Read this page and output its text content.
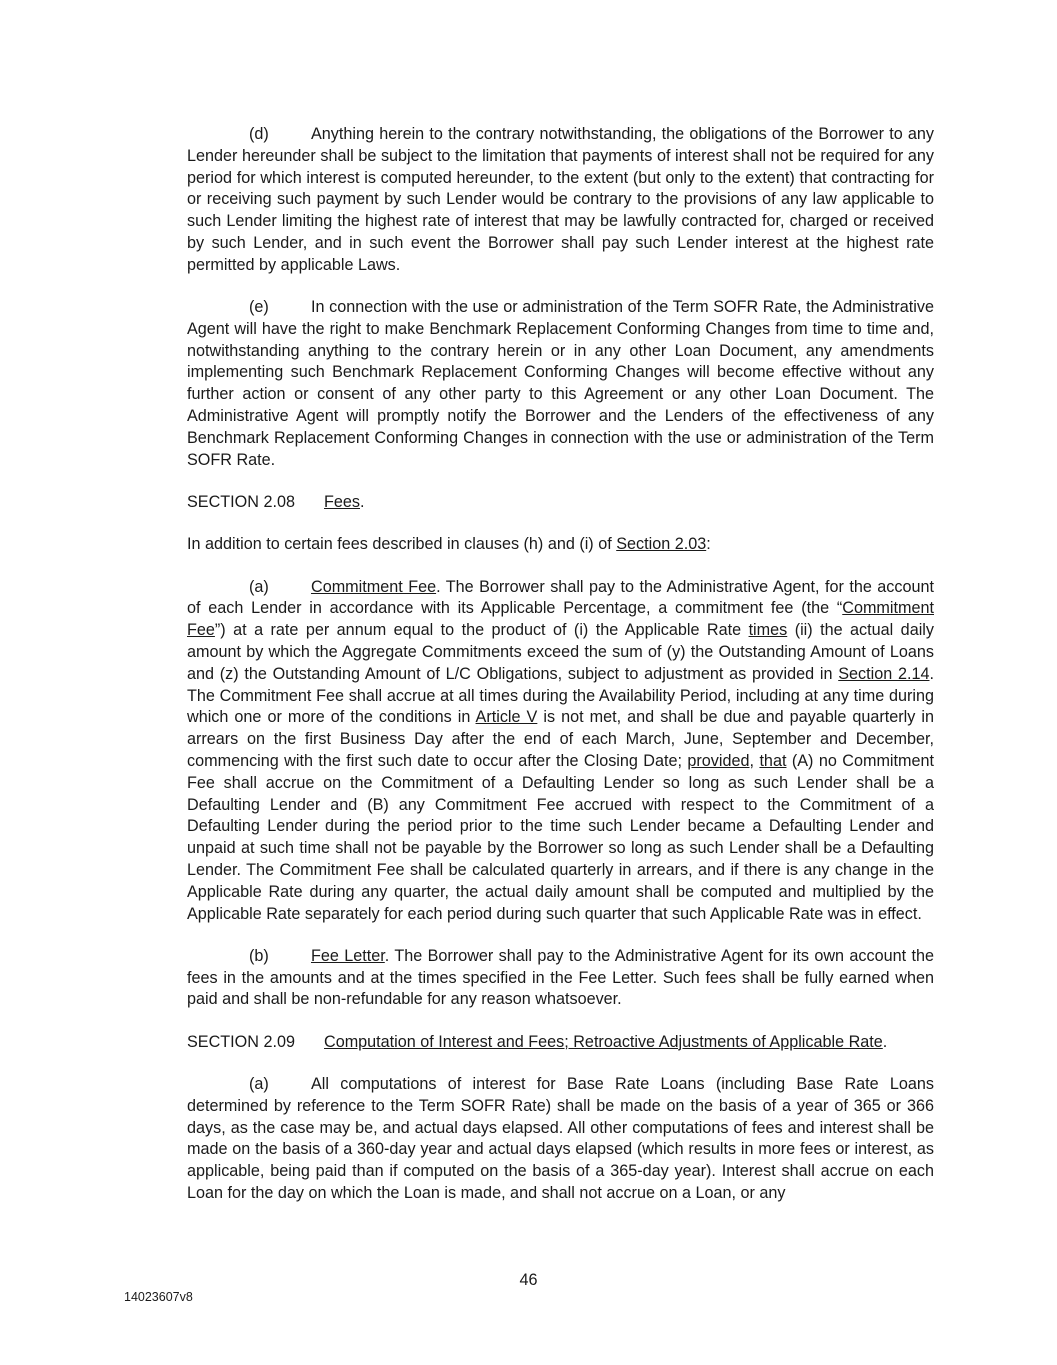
(d)	Anything herein to the contrary notwithstanding, the obligations of the Borrower to any Lender hereunder shall be subject to the limitation that payments of interest shall not be required for any period for which interest is computed hereunder, to the extent (but only to the extent) that contracting for or receiving such payment by such Lender would be contrary to the provisions of any law applicable to such Lender limiting the highest rate of interest that may be lawfully contracted for, charged or received by such Lender, and in such event the Borrower shall pay such Lender interest at the highest rate permitted by applicable Laws.

(e)	In connection with the use or administration of the Term SOFR Rate, the Administrative Agent will have the right to make Benchmark Replacement Conforming Changes from time to time and, notwithstanding anything to the contrary herein or in any other Loan Document, any amendments implementing such Benchmark Replacement Conforming Changes will become effective without any further action or consent of any other party to this Agreement or any other Loan Document. The Administrative Agent will promptly notify the Borrower and the Lenders of the effectiveness of any Benchmark Replacement Conforming Changes in connection with the use or administration of the Term SOFR Rate.

SECTION 2.08 Fees.

In addition to certain fees described in clauses (h) and (i) of Section 2.03:

(a)	Commitment Fee. The Borrower shall pay to the Administrative Agent, for the account of each Lender in accordance with its Applicable Percentage, a commitment fee (the “Commitment Fee”) at a rate per annum equal to the product of (i) the Applicable Rate times (ii) the actual daily amount by which the Aggregate Commitments exceed the sum of (y) the Outstanding Amount of Loans and (z) the Outstanding Amount of L/C Obligations, subject to adjustment as provided in Section 2.14. The Commitment Fee shall accrue at all times during the Availability Period, including at any time during which one or more of the conditions in Article V is not met, and shall be due and payable quarterly in arrears on the first Business Day after the end of each March, June, September and December, commencing with the first such date to occur after the Closing Date; provided, that (A) no Commitment Fee shall accrue on the Commitment of a Defaulting Lender so long as such Lender shall be a Defaulting Lender and (B) any Commitment Fee accrued with respect to the Commitment of a Defaulting Lender during the period prior to the time such Lender became a Defaulting Lender and unpaid at such time shall not be payable by the Borrower so long as such Lender shall be a Defaulting Lender. The Commitment Fee shall be calculated quarterly in arrears, and if there is any change in the Applicable Rate during any quarter, the actual daily amount shall be computed and multiplied by the Applicable Rate separately for each period during such quarter that such Applicable Rate was in effect.

(b)	Fee Letter. The Borrower shall pay to the Administrative Agent for its own account the fees in the amounts and at the times specified in the Fee Letter. Such fees shall be fully earned when paid and shall be non-refundable for any reason whatsoever.

SECTION 2.09 Computation of Interest and Fees; Retroactive Adjustments of Applicable Rate.

(a)	All computations of interest for Base Rate Loans (including Base Rate Loans determined by reference to the Term SOFR Rate) shall be made on the basis of a year of 365 or 366 days, as the case may be, and actual days elapsed. All other computations of fees and interest shall be made on the basis of a 360-day year and actual days elapsed (which results in more fees or interest, as applicable, being paid than if computed on the basis of a 365-day year). Interest shall accrue on each Loan for the day on which the Loan is made, and shall not accrue on a Loan, or any

46
14023607v8
